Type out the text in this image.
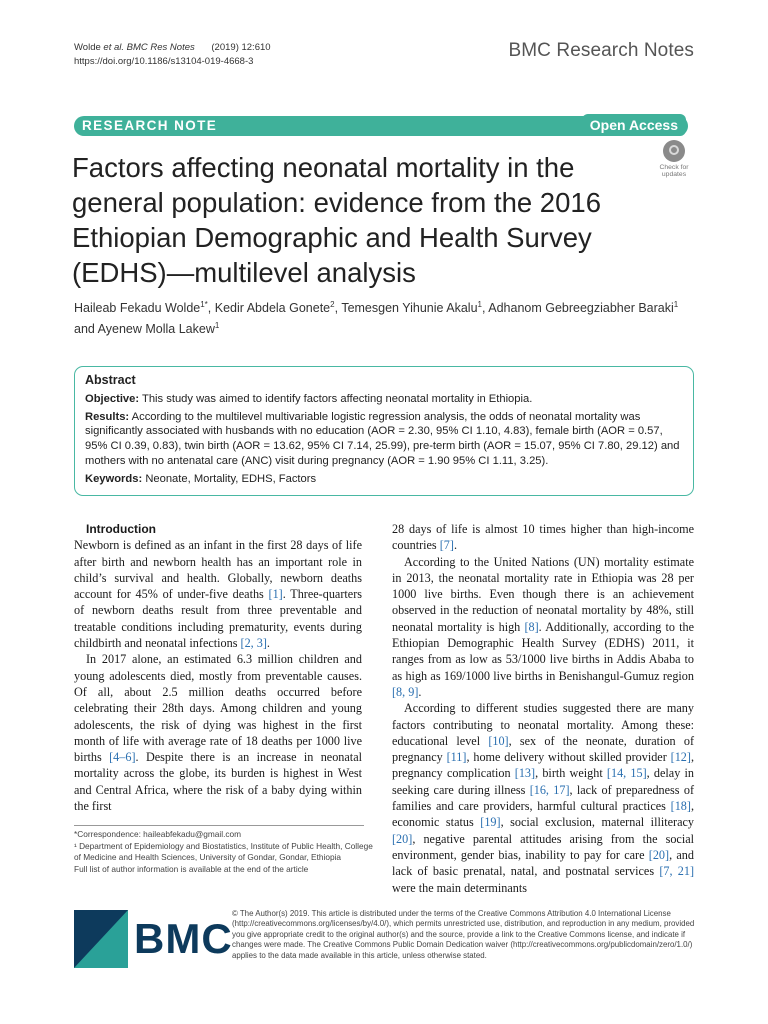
Wolde et al. BMC Res Notes (2019) 12:610
https://doi.org/10.1186/s13104-019-4668-3
BMC Research Notes
RESEARCH NOTE	Open Access
Check for updates
Factors affecting neonatal mortality in the general population: evidence from the 2016 Ethiopian Demographic and Health Survey (EDHS)—multilevel analysis
Haileab Fekadu Wolde$^{1*}$, Kedir Abdela Gonete$^2$, Temesgen Yihunie Akalu$^1$, Adhanom Gebreegziabher Baraki$^1$
and Ayenew Molla Lakew$^1$
Abstract

Objective: This study was aimed to identify factors affecting neonatal mortality in Ethiopia.

Results: According to the multilevel multivariable logistic regression analysis, the odds of neonatal mortality was significantly associated with husbands with no education (AOR = 2.30, 95% CI 1.10, 4.83), female birth (AOR = 0.57, 95% CI 0.39, 0.83), twin birth (AOR = 13.62, 95% CI 7.14, 25.99), pre-term birth (AOR = 15.07, 95% CI 7.80, 29.12) and mothers with no antenatal care (ANC) visit during pregnancy (AOR = 1.90 95% CI 1.11, 3.25).

Keywords: Neonate, Mortality, EDHS, Factors

Introduction

Newborn is defined as an infant in the first 28 days of life after birth and newborn health has an important role in child’s survival and health. Globally, newborn deaths account for 45% of under-five deaths [1]. Three-quarters of newborn deaths result from three preventable and treatable conditions including prematurity, events during childbirth and neonatal infections [2, 3].

In 2017 alone, an estimated 6.3 million children and young adolescents died, mostly from preventable causes. Of all, about 2.5 million deaths occurred before celebrating their 28th days. Among children and young adolescents, the risk of dying was highest in the first month of life with average rate of 18 deaths per 1000 live births [4–6]. Despite there is an increase in neonatal mortality across the globe, its burden is highest in West and Central Africa, where the risk of a baby dying within the first

28 days of life is almost 10 times higher than high-income countries [7].

According to the United Nations (UN) mortality estimate in 2013, the neonatal mortality rate in Ethiopia was 28 per 1000 live births. Even though there is an achievement observed in the reduction of neonatal mortality by 48%, still neonatal mortality is high [8]. Additionally, according to the Ethiopian Demographic Health Survey (EDHS) 2011, it ranges from as low as 53/1000 live births in Addis Ababa to as high as 169/1000 live births in Benishangul-Gumuz region [8, 9].

According to different studies suggested there are many factors contributing to neonatal mortality. Among these: educational level [10], sex of the neonate, duration of pregnancy [11], home delivery without skilled provider [12], pregnancy complication [13], birth weight [14, 15], delay in seeking care during illness [16, 17], lack of preparedness of families and care providers, harmful cultural practices [18], economic status [19], social exclusion, maternal illiteracy [20], negative parental attitudes arising from the social environment, gender bias, inability to pay for care [20], and lack of basic prenatal, natal, and postnatal services [7, 21] were the main determinants

*Correspondence: haileabfekadu@gmail.com
¹ Department of Epidemiology and Biostatistics, Institute of Public Health, College of Medicine and Health Sciences, University of Gondar, Gondar, Ethiopia
Full list of author information is available at the end of the article
BMC
© The Author(s) 2019. This article is distributed under the terms of the Creative Commons Attribution 4.0 International License (http://creativecommons.org/licenses/by/4.0/), which permits unrestricted use, distribution, and reproduction in any medium, provided you give appropriate credit to the original author(s) and the source, provide a link to the Creative Commons license, and indicate if changes were made. The Creative Commons Public Domain Dedication waiver (http://creativecommons.org/publicdomain/zero/1.0/) applies to the data made available in this article, unless otherwise stated.
